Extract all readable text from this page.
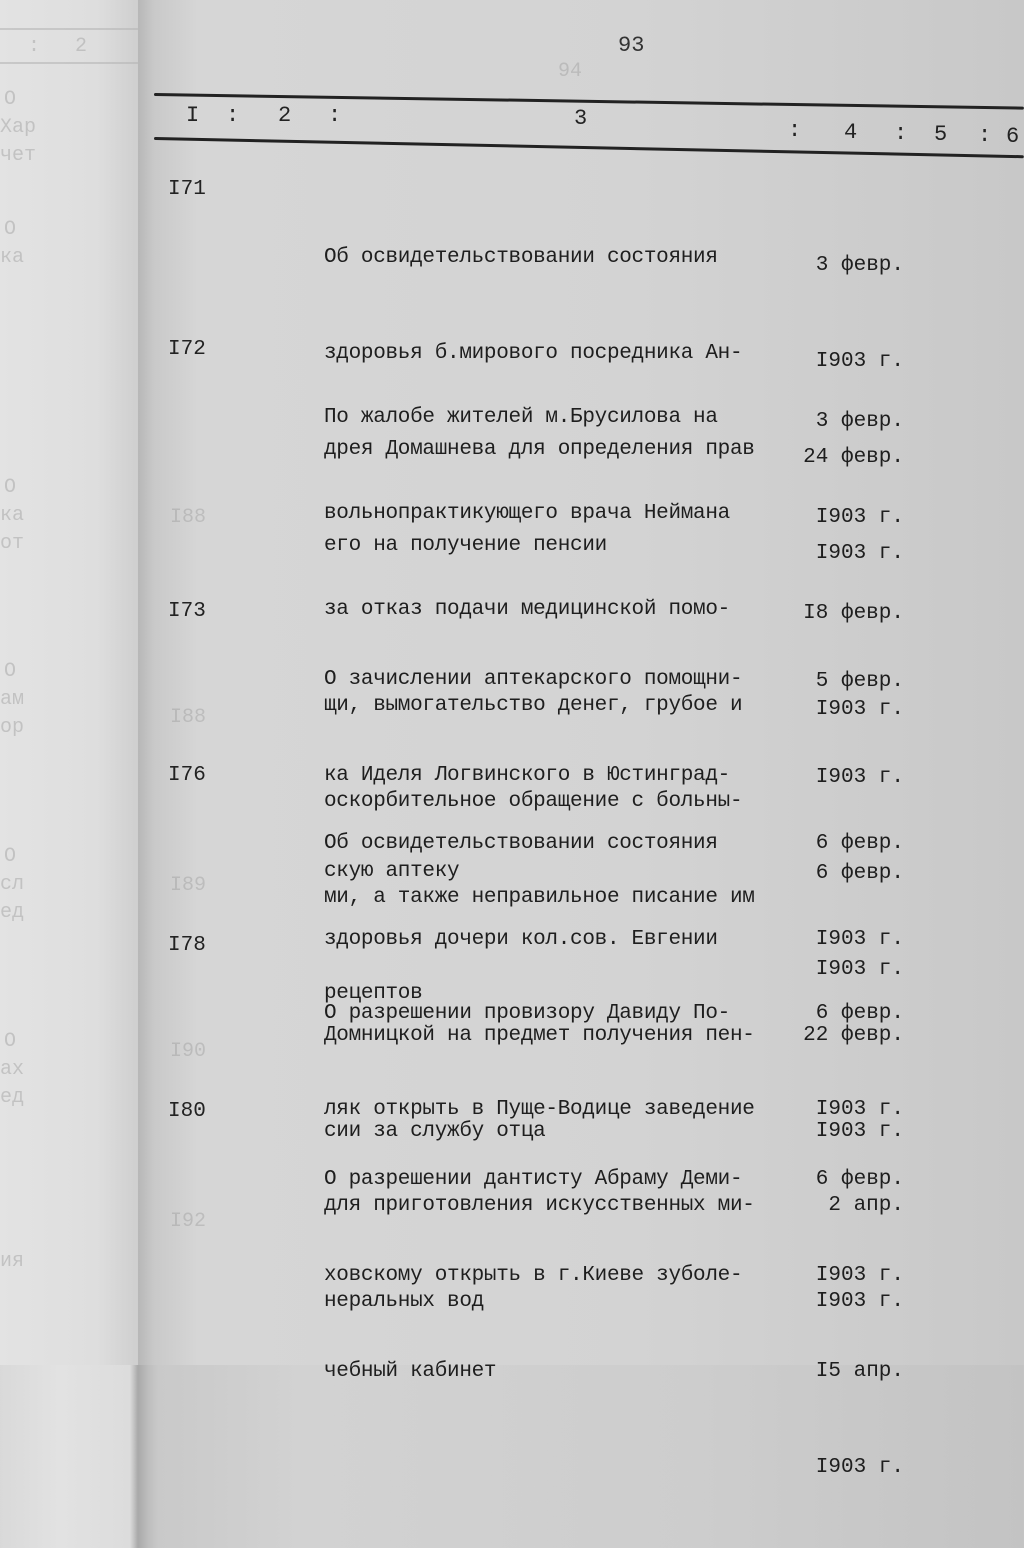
: 2
О
Хар
чет
О
ка
О
ка
от
О
ам
ор
О
сл
ед
О
ах
ед
ия
94
93
I : 2 :	3	: 4 : 5 : 6
I71

Об освидетельствовании состояния

здоровья б.мирового посредника Ан-

дрея Домашнева для определения прав

его на получение пенсии

3 февр.

I903 г.

24 февр.

I903 г.

I72

По жалобе жителей м.Брусилова на

вольнопрактикующего врача Неймана

за отказ подачи медицинской помо-

щи, вымогательство денег, грубое и

оскорбительное обращение с больны-

ми, а также неправильное писание им

рецептов

3 февр.

I903 г.

I8 февр.

I903 г.

I73

О зачислении аптекарского помощни-

ка Иделя Логвинского в Юстинград-

скую аптеку

5 февр.

I903 г.

6 февр.

I903 г.

I76

Об освидетельствовании состояния

здоровья дочери кол.сов. Евгении

Домницкой на предмет получения пен-

сии за службу отца

6 февр.

I903 г.

22 февр.

I903 г.

I78

О разрешении провизору Давиду По-

ляк открыть в Пуще-Водице заведение

для приготовления искусственных ми-

неральных вод

6 февр.

I903 г.

2 апр.

I903 г.

I80

О разрешении дантисту Абраму Деми-

ховскому открыть в г.Киеве зуболе-

чебный кабинет

6 февр.

I903 г.

I5 апр.

I903 г.

I88
I88
I89
I90
I92
